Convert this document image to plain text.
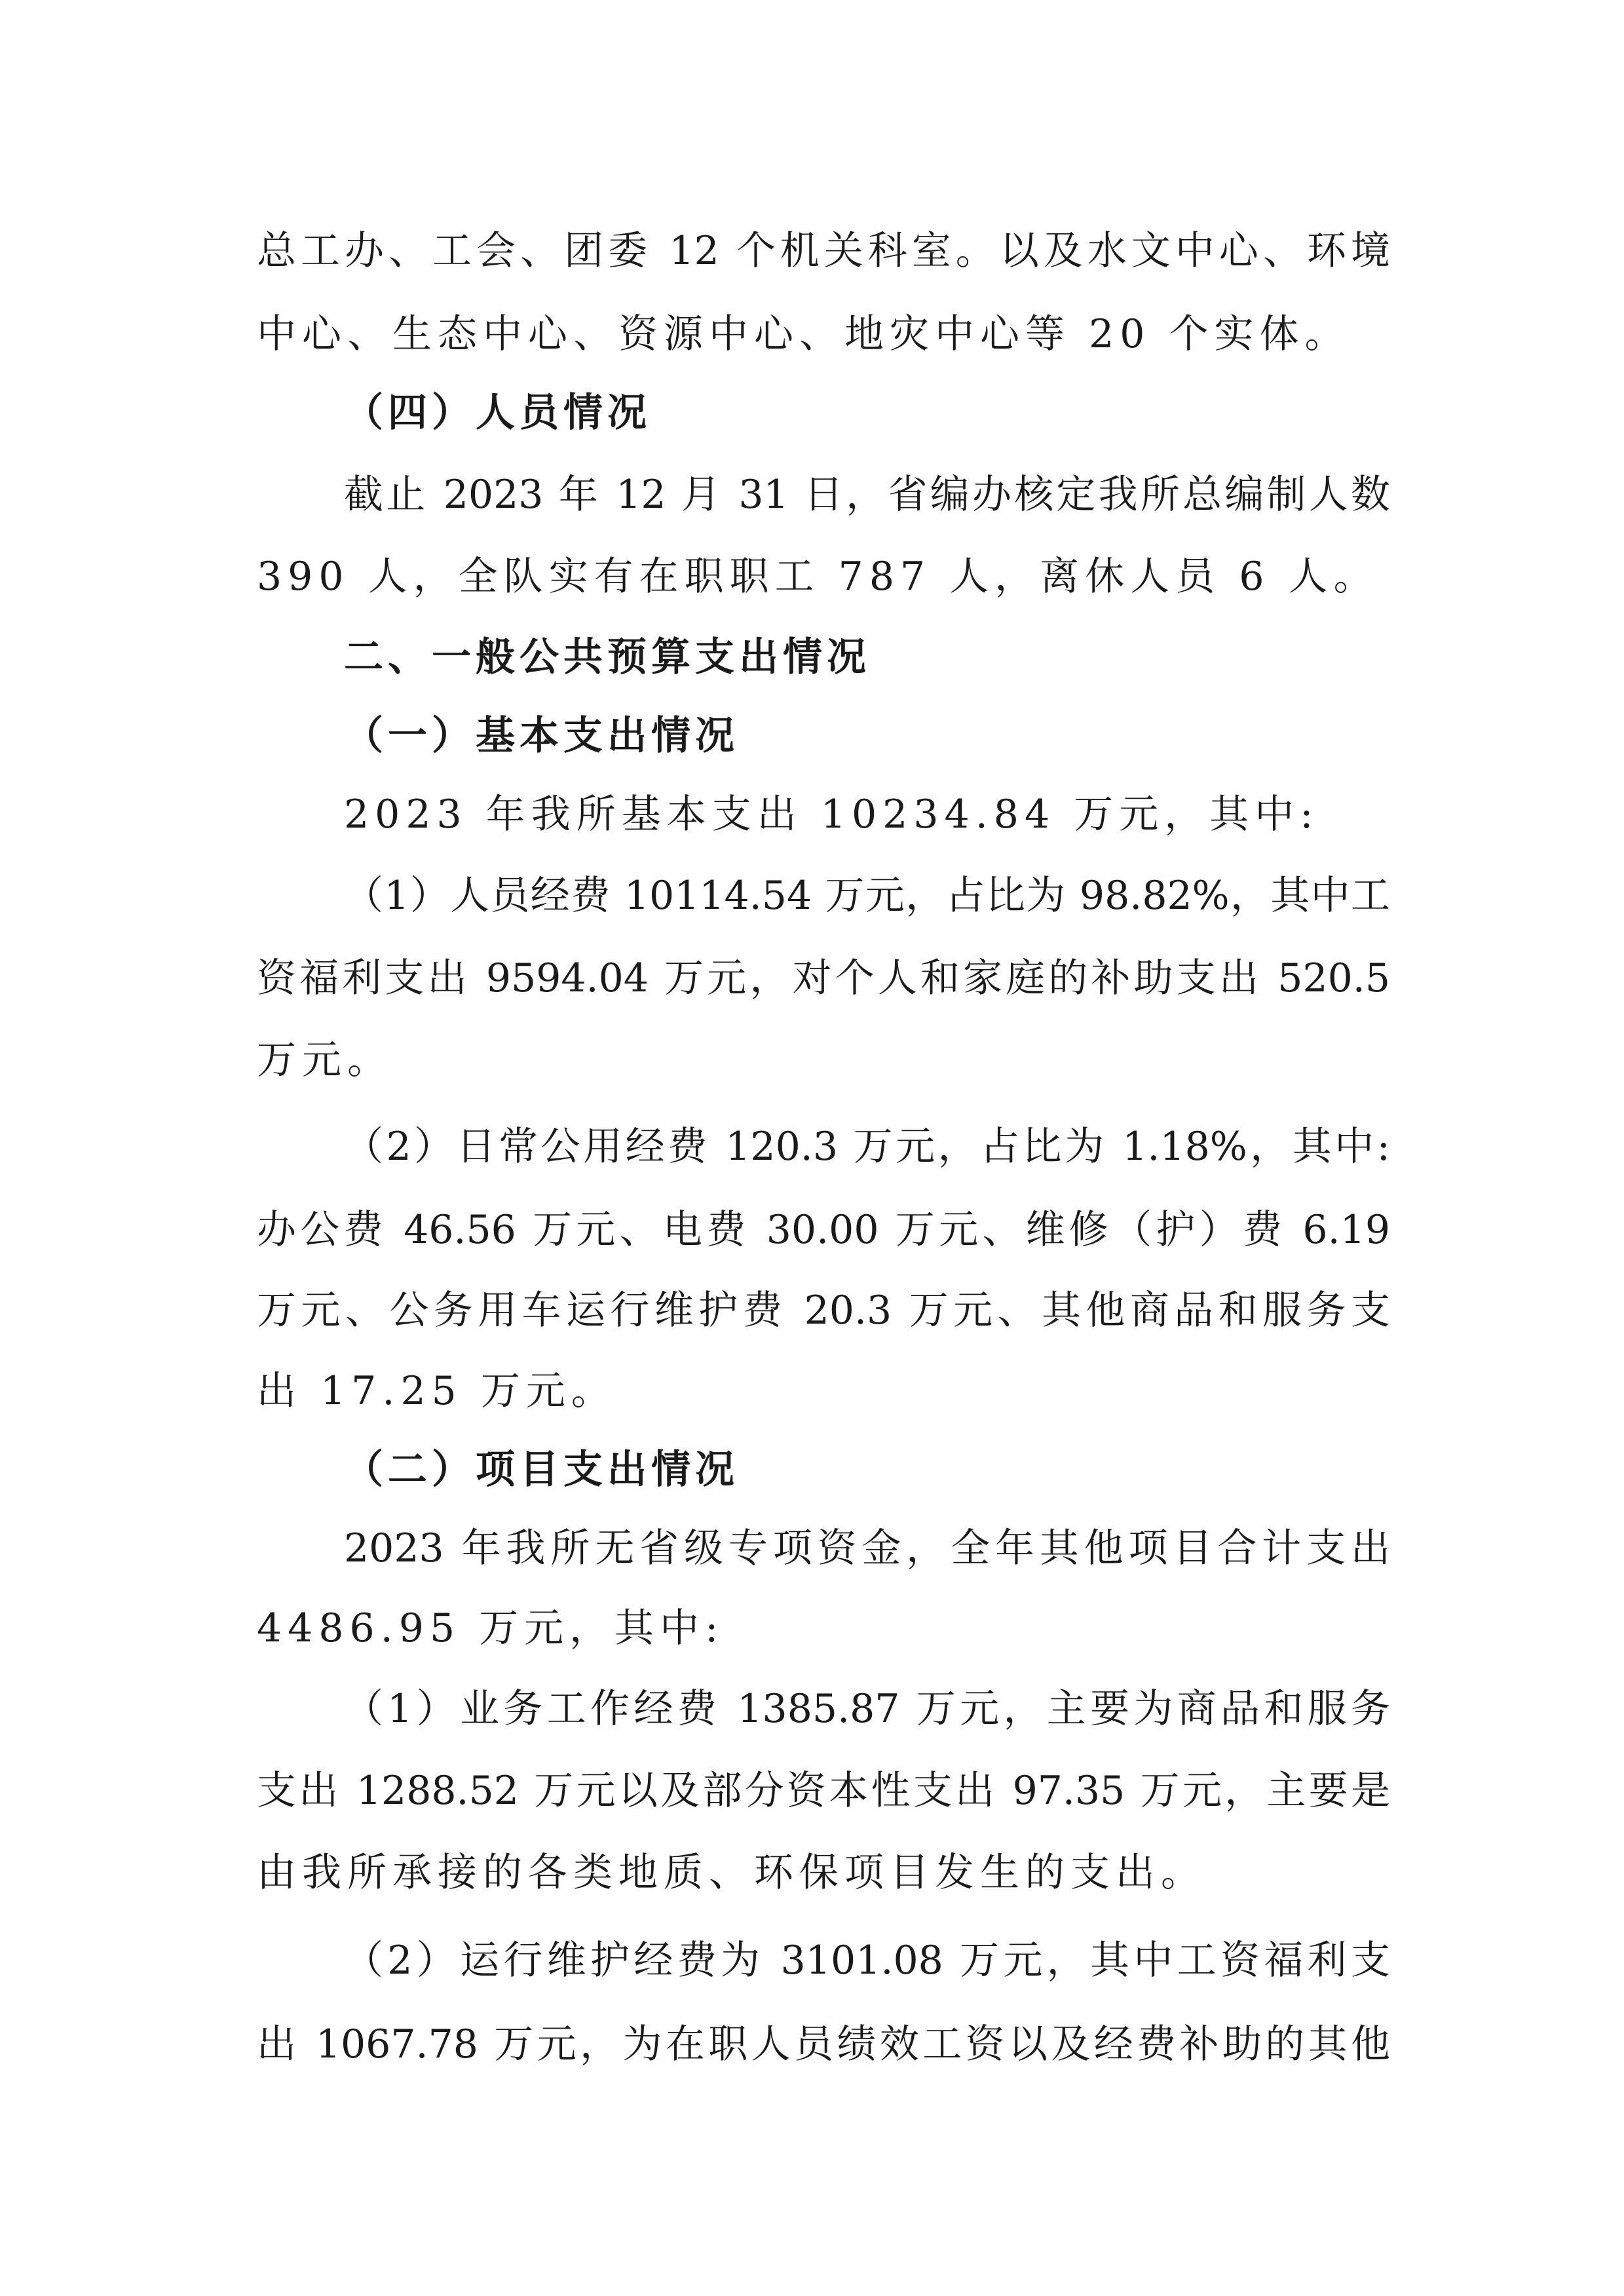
总工办、工会、团委 12 个机关科室。以及水文中心、环境
中心、生态中心、资源中心、地灾中心等 20 个实体。
（四）人员情况
截止 2023 年 12 月 31 日，省编办核定我所总编制人数
390 人，全队实有在职职工 787 人，离休人员 6 人。
二、一般公共预算支出情况
（一）基本支出情况
2023 年我所基本支出 10234.84 万元，其中:
（1）人员经费 10114.54 万元，占比为 98.82%，其中工
资福利支出 9594.04 万元，对个人和家庭的补助支出 520.5
万元。
（2）日常公用经费 120.3 万元，占比为 1.18%，其中:
办公费 46.56 万元、电费 30.00 万元、维修（护）费 6.19
万元、公务用车运行维护费 20.3 万元、其他商品和服务支
出 17.25 万元。
（二）项目支出情况
2023 年我所无省级专项资金，全年其他项目合计支出
4486.95 万元，其中:
（1）业务工作经费 1385.87 万元，主要为商品和服务
支出 1288.52 万元以及部分资本性支出 97.35 万元，主要是
由我所承接的各类地质、环保项目发生的支出。
（2）运行维护经费为 3101.08 万元，其中工资福利支
出 1067.78 万元，为在职人员绩效工资以及经费补助的其他
